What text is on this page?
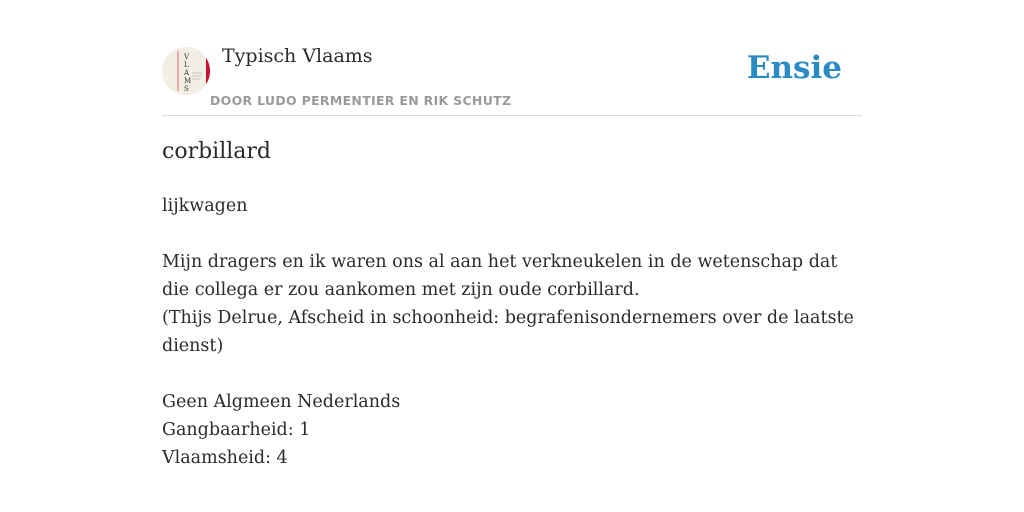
V
L
A
M
S
Typisch Vlaams
DOOR LUDO PERMENTIER EN RIK SCHUTZ
Ensie
corbillard

lijkwagen

Mijn dragers en ik waren ons al aan het verkneukelen in de wetenschap dat die collega er zou aankomen met zijn oude corbillard.

(Thijs Delrue, Afscheid in schoonheid: begrafenisondernemers over de laatste dienst)

Geen Algmeen Nederlands

Gangbaarheid: 1

Vlaamsheid: 4
